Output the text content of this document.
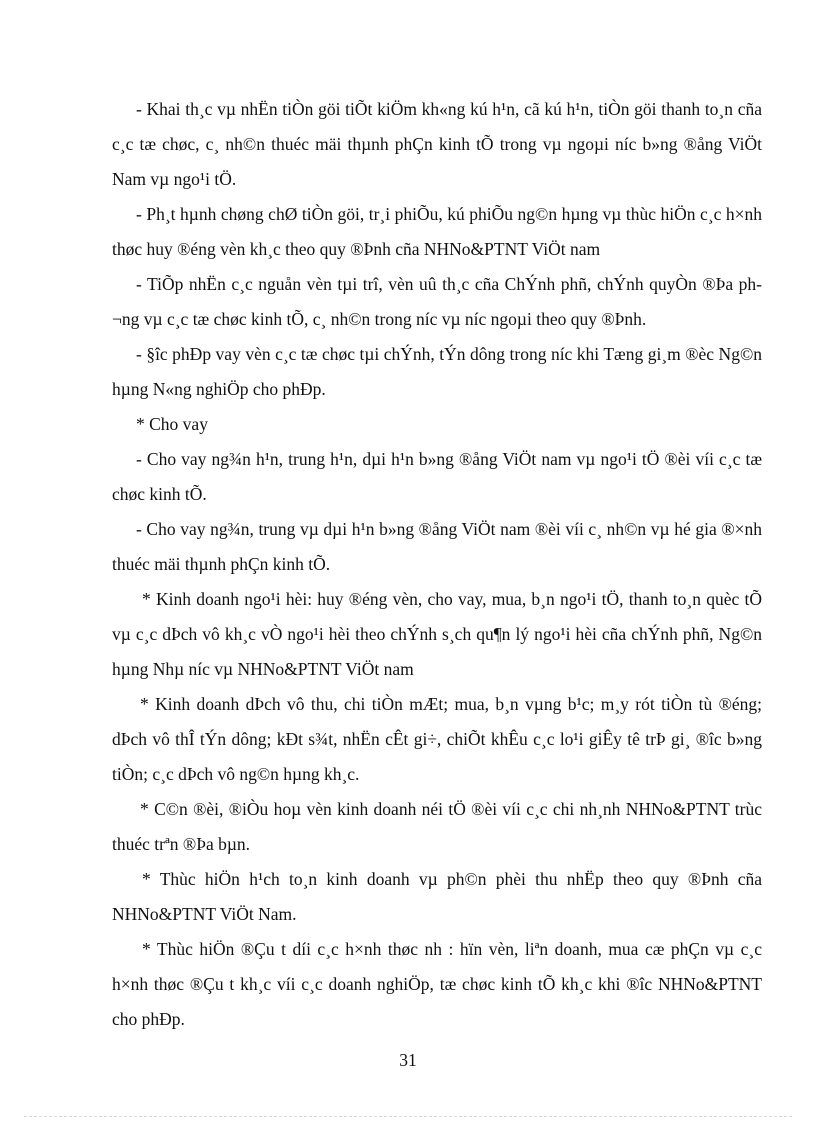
- Khai th¸c vµ nhËn tiÒn göi tiÕt kiÖm kh«ng kú h¹n, cã kú h¹n, tiÒn göi thanh to¸n cña c¸c tæ chøc, c¸ nh©n thuéc mäi thµnh phÇn kinh tÕ trong vµ ngoµi níc b»ng ®ång ViÖt Nam vµ ngo¹i tÖ.

- Ph¸t hµnh chøng chØ tiÒn göi, tr¸i phiÕu, kú phiÕu ng©n hµng vµ thùc hiÖn c¸c h×nh thøc huy ®éng vèn kh¸c theo quy ®Þnh cña NHNo&PTNT ViÖt nam

- TiÕp nhËn c¸c nguån vèn tµi trî, vèn uû th¸c cña ChÝnh phñ, chÝnh quyÒn ®Þa ph¬ng vµ c¸c tæ chøc kinh tÕ, c¸ nh©n trong níc vµ níc ngoµi theo quy ®Þnh.

- §îc phÐp vay vèn c¸c tæ chøc tµi chÝnh, tÝn dông trong níc khi Tæng gi¸m ®èc Ng©n hµng N«ng nghiÖp cho phÐp.

* Cho vay

- Cho vay ng¾n h¹n, trung h¹n, dµi h¹n b»ng ®ång ViÖt nam vµ ngo¹i tÖ ®èi víi c¸c tæ chøc kinh tÕ.

- Cho vay ng¾n, trung vµ dµi h¹n b»ng ®ång ViÖt nam ®èi víi c¸ nh©n vµ hé gia ®×nh thuéc mäi thµnh phÇn kinh tÕ.

* Kinh doanh ngo¹i hèi: huy ®éng vèn, cho vay, mua, b¸n ngo¹i tÖ, thanh to¸n quèc tÕ vµ c¸c dÞch vô kh¸c vÒ ngo¹i hèi theo chÝnh s¸ch qu¶n lý ngo¹i hèi cña chÝnh phñ, Ng©n hµng Nhµ níc vµ NHNo&PTNT ViÖt nam

* Kinh doanh dÞch vô thu, chi tiÒn mÆt; mua, b¸n vµng b¹c; m¸y rót tiÒn tù ®éng; dÞch vô thÎ tÝn dông; kÐt s¾t, nhËn cÊt gi÷, chiÕt khÊu c¸c lo¹i giÊy tê trÞ gi¸ ®îc b»ng tiÒn; c¸c dÞch vô ng©n hµng kh¸c.

* C©n ®èi, ®iÒu hoµ vèn kinh doanh néi tÖ ®èi víi c¸c chi nh¸nh NHNo&PTNT trùc thuéc trªn ®Þa bµn.

* Thùc hiÖn h¹ch to¸n kinh doanh vµ ph©n phèi thu nhËp theo quy ®Þnh cña NHNo&PTNT ViÖt Nam.

* Thùc hiÖn ®Çu t díi c¸c h×nh thøc nh : hïn vèn, liªn doanh, mua cæ phÇn vµ c¸c h×nh thøc ®Çu t kh¸c víi c¸c doanh nghiÖp, tæ chøc kinh tÕ kh¸c khi ®îc NHNo&PTNT cho phÐp.

31
